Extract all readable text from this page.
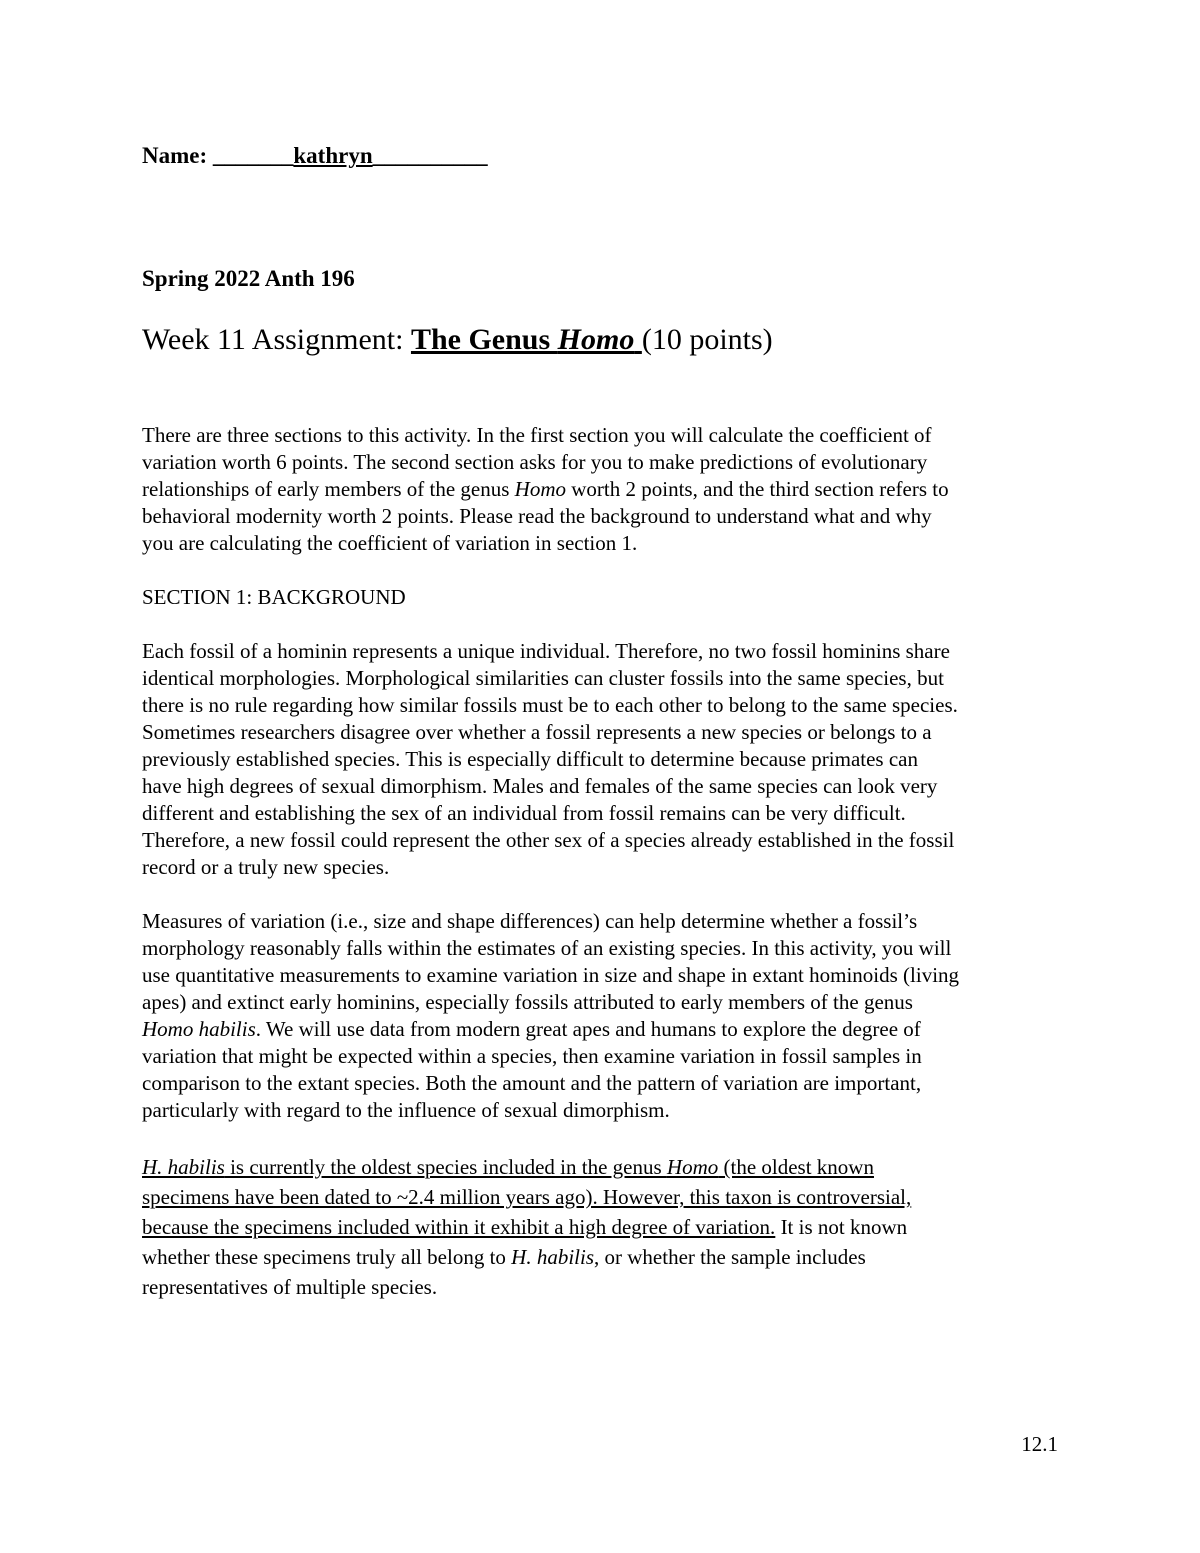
Name: _______kathryn__________
Spring 2022 Anth 196
Week 11 Assignment: The Genus Homo (10 points)

There are three sections to this activity. In the first section you will calculate the coefficient of
variation worth 6 points. The second section asks for you to make predictions of evolutionary
relationships of early members of the genus Homo worth 2 points, and the third section refers to
behavioral modernity worth 2 points. Please read the background to understand what and why
you are calculating the coefficient of variation in section 1.

SECTION 1: BACKGROUND

Each fossil of a hominin represents a unique individual. Therefore, no two fossil hominins share
identical morphologies. Morphological similarities can cluster fossils into the same species, but
there is no rule regarding how similar fossils must be to each other to belong to the same species.
Sometimes researchers disagree over whether a fossil represents a new species or belongs to a
previously established species. This is especially difficult to determine because primates can
have high degrees of sexual dimorphism. Males and females of the same species can look very
different and establishing the sex of an individual from fossil remains can be very difficult.
Therefore, a new fossil could represent the other sex of a species already established in the fossil
record or a truly new species.

Measures of variation (i.e., size and shape differences) can help determine whether a fossil’s
morphology reasonably falls within the estimates of an existing species. In this activity, you will
use quantitative measurements to examine variation in size and shape in extant hominoids (living
apes) and extinct early hominins, especially fossils attributed to early members of the genus
Homo habilis. We will use data from modern great apes and humans to explore the degree of
variation that might be expected within a species, then examine variation in fossil samples in
comparison to the extant species. Both the amount and the pattern of variation are important,
particularly with regard to the influence of sexual dimorphism.

H. habilis is currently the oldest species included in the genus Homo (the oldest known
specimens have been dated to ~2.4 million years ago). However, this taxon is controversial,
because the specimens included within it exhibit a high degree of variation. It is not known
whether these specimens truly all belong to H. habilis, or whether the sample includes
representatives of multiple species.

12.1
